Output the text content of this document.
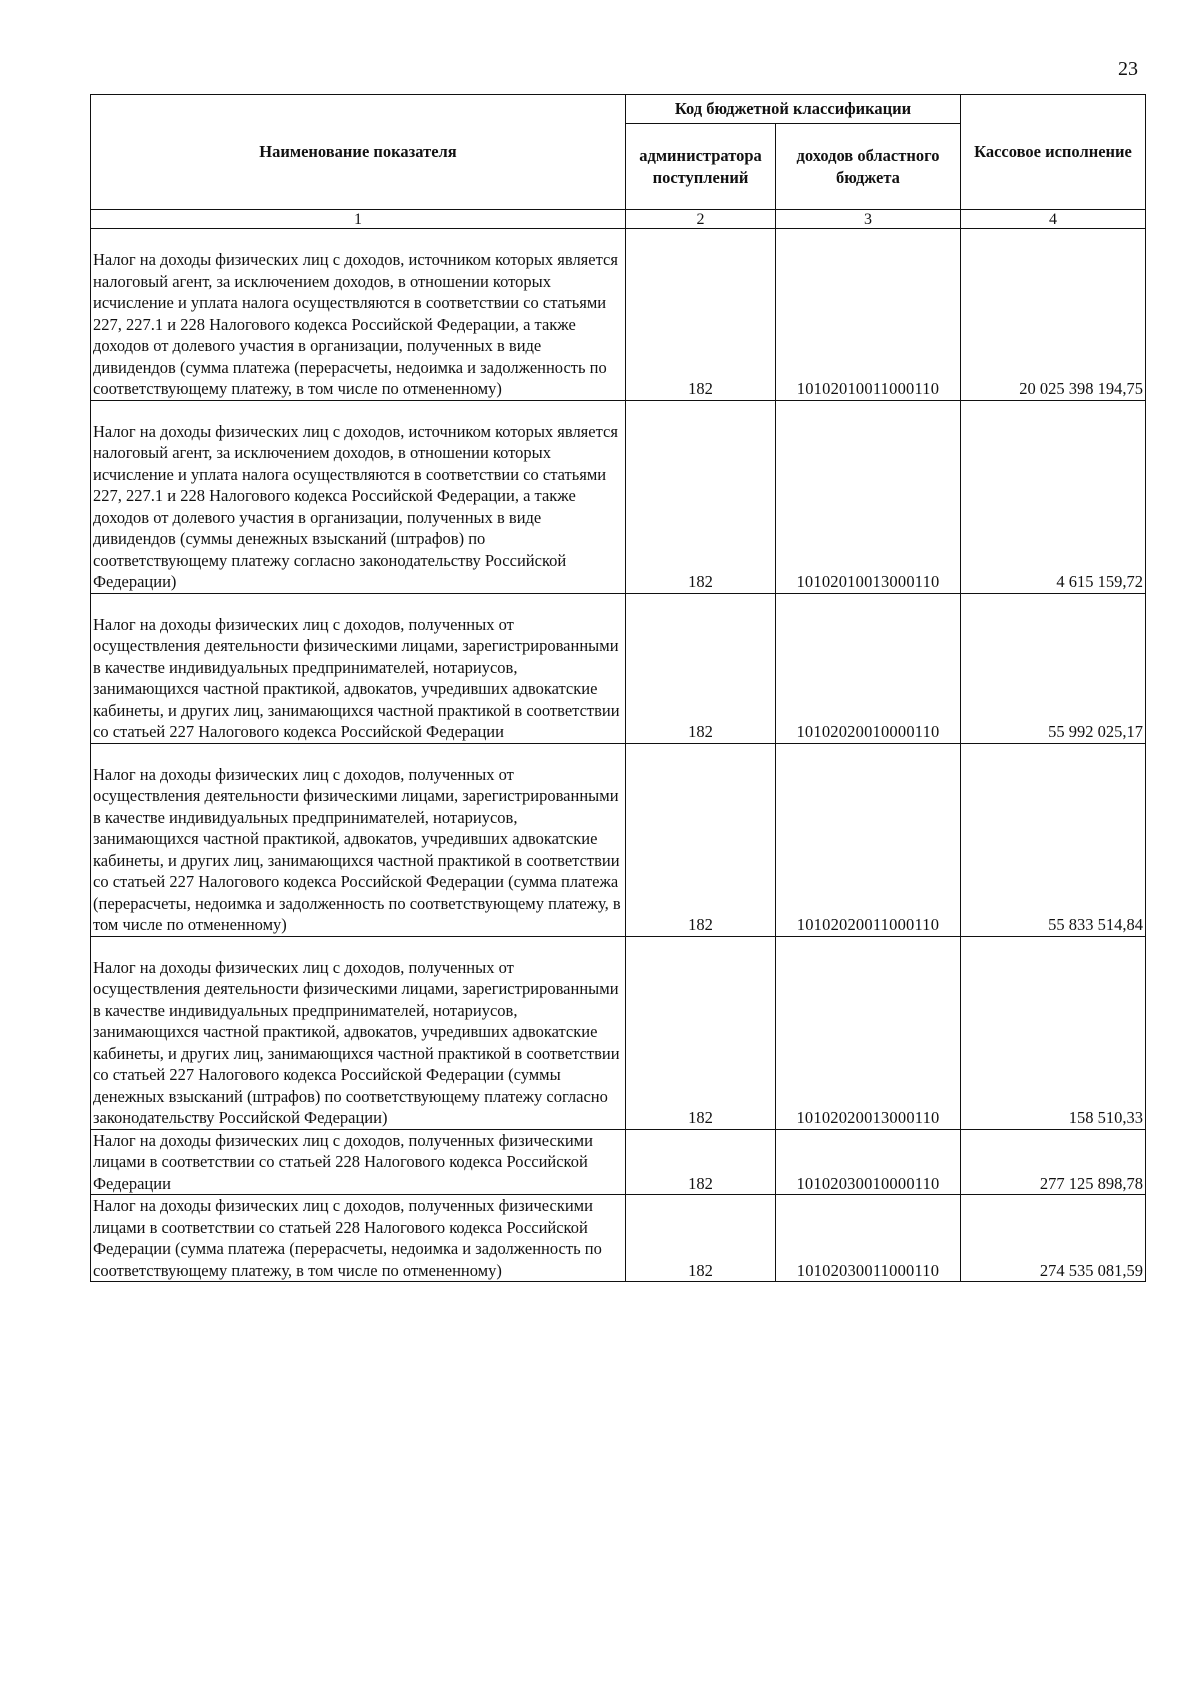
23
Наименование показателя	Код бюджетной классификации		Кассовое исполнение
	администратора поступлений	доходов областного бюджета	
1	2	3	4

Налог на доходы физических лиц с доходов, источником которых является налоговый агент, за исключением доходов, в отношении которых исчисление и уплата налога осуществляются в соответствии со статьями 227, 227.1 и 228 Налогового кодекса Российской Федерации, а также доходов от долевого участия в организации, полученных в виде дивидендов (сумма платежа (перерасчеты, недоимка и задолженность по соответствующему платежу, в том числе по отмененному)	182	10102010011000110	20 025 398 194,75

Налог на доходы физических лиц с доходов, источником которых является налоговый агент, за исключением доходов, в отношении которых исчисление и уплата налога осуществляются в соответствии со статьями 227, 227.1 и 228 Налогового кодекса Российской Федерации, а также доходов от долевого участия в организации, полученных в виде дивидендов (суммы денежных взысканий (штрафов) по соответствующему платежу согласно законодательству Российской Федерации)	182	10102010013000110	4 615 159,72

Налог на доходы физических лиц с доходов, полученных от осуществления деятельности физическими лицами, зарегистрированными в качестве индивидуальных предпринимателей, нотариусов, занимающихся частной практикой, адвокатов, учредивших адвокатские кабинеты, и других лиц, занимающихся частной практикой в соответствии со статьей 227 Налогового кодекса Российской Федерации	182	10102020010000110	55 992 025,17

Налог на доходы физических лиц с доходов, полученных от осуществления деятельности физическими лицами, зарегистрированными в качестве индивидуальных предпринимателей, нотариусов, занимающихся частной практикой, адвокатов, учредивших адвокатские кабинеты, и других лиц, занимающихся частной практикой в соответствии со статьей 227 Налогового кодекса Российской Федерации (сумма платежа (перерасчеты, недоимка и задолженность по соответствующему платежу, в том числе по отмененному)	182	10102020011000110	55 833 514,84

Налог на доходы физических лиц с доходов, полученных от осуществления деятельности физическими лицами, зарегистрированными в качестве индивидуальных предпринимателей, нотариусов, занимающихся частной практикой, адвокатов, учредивших адвокатские кабинеты, и других лиц, занимающихся частной практикой в соответствии со статьей 227 Налогового кодекса Российской Федерации (суммы денежных взысканий (штрафов) по соответствующему платежу согласно законодательству Российской Федерации)	182	10102020013000110	158 510,33
Налог на доходы физических лиц с доходов, полученных физическими лицами в соответствии со статьей 228 Налогового кодекса Российской Федерации	182	10102030010000110	277 125 898,78
Налог на доходы физических лиц с доходов, полученных физическими лицами в соответствии со статьей 228 Налогового кодекса Российской Федерации (сумма платежа (перерасчеты, недоимка и задолженность по соответствующему платежу, в том числе по отмененному)	182	10102030011000110	274 535 081,59
